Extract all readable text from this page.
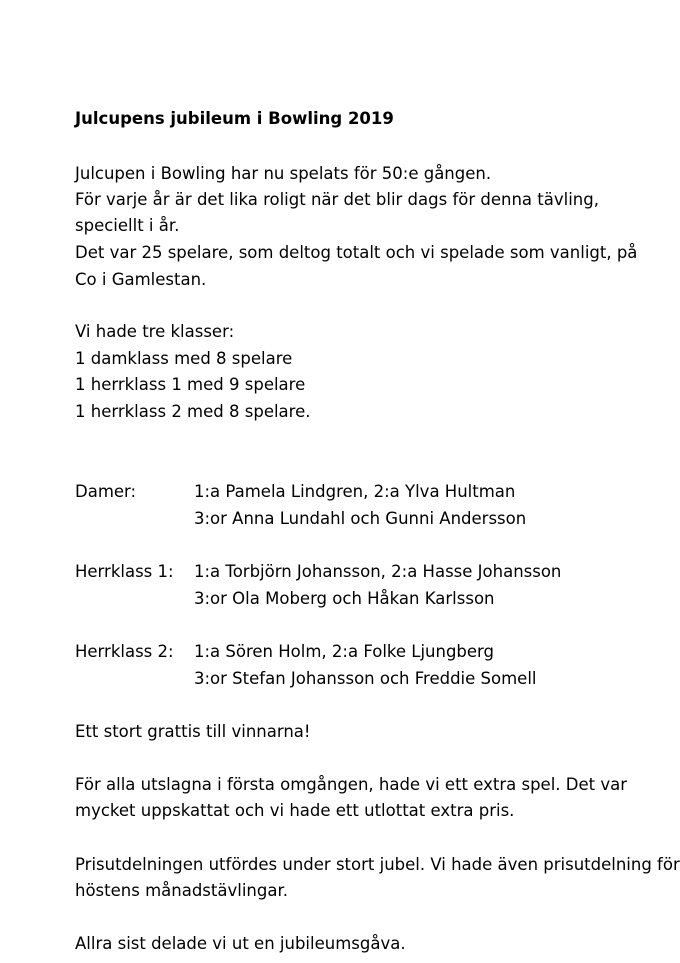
Julcupens jubileum i Bowling 2019
Julcupen i Bowling har nu spelats för 50:e gången.
För varje år är det lika roligt när det blir dags för denna tävling,
speciellt i år.
Det var 25 spelare, som deltog totalt och vi spelade som vanligt, på
Co i Gamlestan.
Vi hade tre klasser:
1 damklass med 8 spelare
1 herrklass 1 med 9 spelare
1 herrklass 2 med 8 spelare.
Damer:	1:a Pamela Lindgren, 2:a Ylva Hultman
3:or Anna Lundahl och Gunni Andersson
Herrklass 1: 1:a Torbjörn Johansson, 2:a Hasse Johansson
3:or Ola Moberg och Håkan Karlsson
Herrklass 2: 1:a Sören Holm, 2:a Folke Ljungberg
3:or Stefan Johansson och Freddie Somell
Ett stort grattis till vinnarna!
För alla utslagna i första omgången, hade vi ett extra spel. Det var
mycket uppskattat och vi hade ett utlottat extra pris.
Prisutdelningen utfördes under stort jubel. Vi hade även prisutdelning för
höstens månadstävlingar.
Allra sist delade vi ut en jubileumsgåva.
